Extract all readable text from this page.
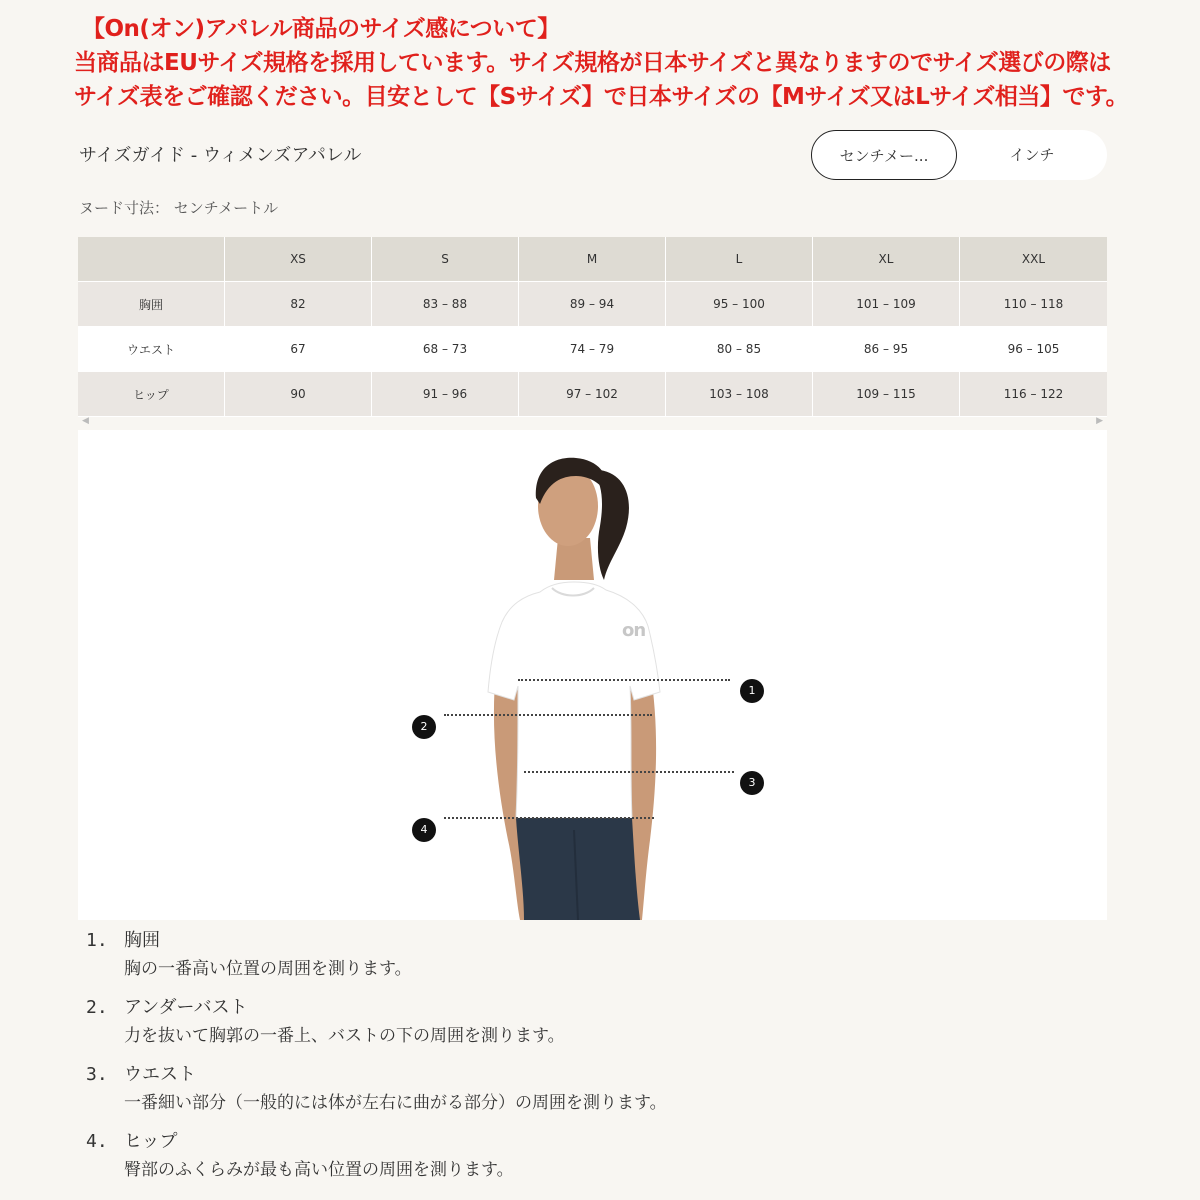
【On(オン)アパレル商品のサイズ感について】
当商品はEUサイズ規格を採用しています。サイズ規格が日本サイズと異なりますのでサイズ選びの際は
サイズ表をご確認ください。目安として【Sサイズ】で日本サイズの【Mサイズ又はLサイズ相当】です。
サイズガイド - ウィメンズアパレル	センチメー...	インチ
ヌード寸法： センチメートル
	XS	S	M	L	XL	XXL
胸囲	82	83 – 88	89 – 94	95 – 100	101 – 109	110 – 118
ウエスト	67	68 – 73	74 – 79	80 – 85	86 – 95	96 – 105
ヒップ	90	91 – 96	97 – 102	103 – 108	109 – 115	116 – 122
◀	▶
on
1
2
3
4
1. 胸囲
胸の一番高い位置の周囲を測ります。
2. アンダーバスト
力を抜いて胸郭の一番上、バストの下の周囲を測ります。
3. ウエスト
一番細い部分（一般的には体が左右に曲がる部分）の周囲を測ります。
4. ヒップ
臀部のふくらみが最も高い位置の周囲を測ります。
